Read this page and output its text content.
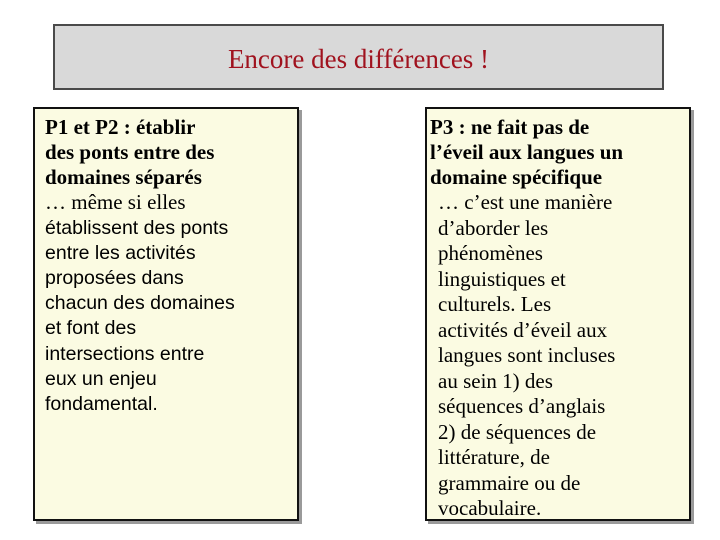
Encore des différences !
P1 et P2 : établir
des ponts entre des
domaines séparés
… même si elles
établissent des ponts
entre les activités
proposées dans
chacun des domaines
et font des
intersections entre
eux un enjeu
fondamental.
P3 : ne fait pas de
l’éveil aux langues un
domaine spécifique
… c’est une manière
d’aborder les
phénomènes
linguistiques et
culturels. Les
activités d’éveil aux
langues sont incluses
au sein 1) des
séquences d’anglais
2) de séquences de
littérature, de
grammaire ou de
vocabulaire.
